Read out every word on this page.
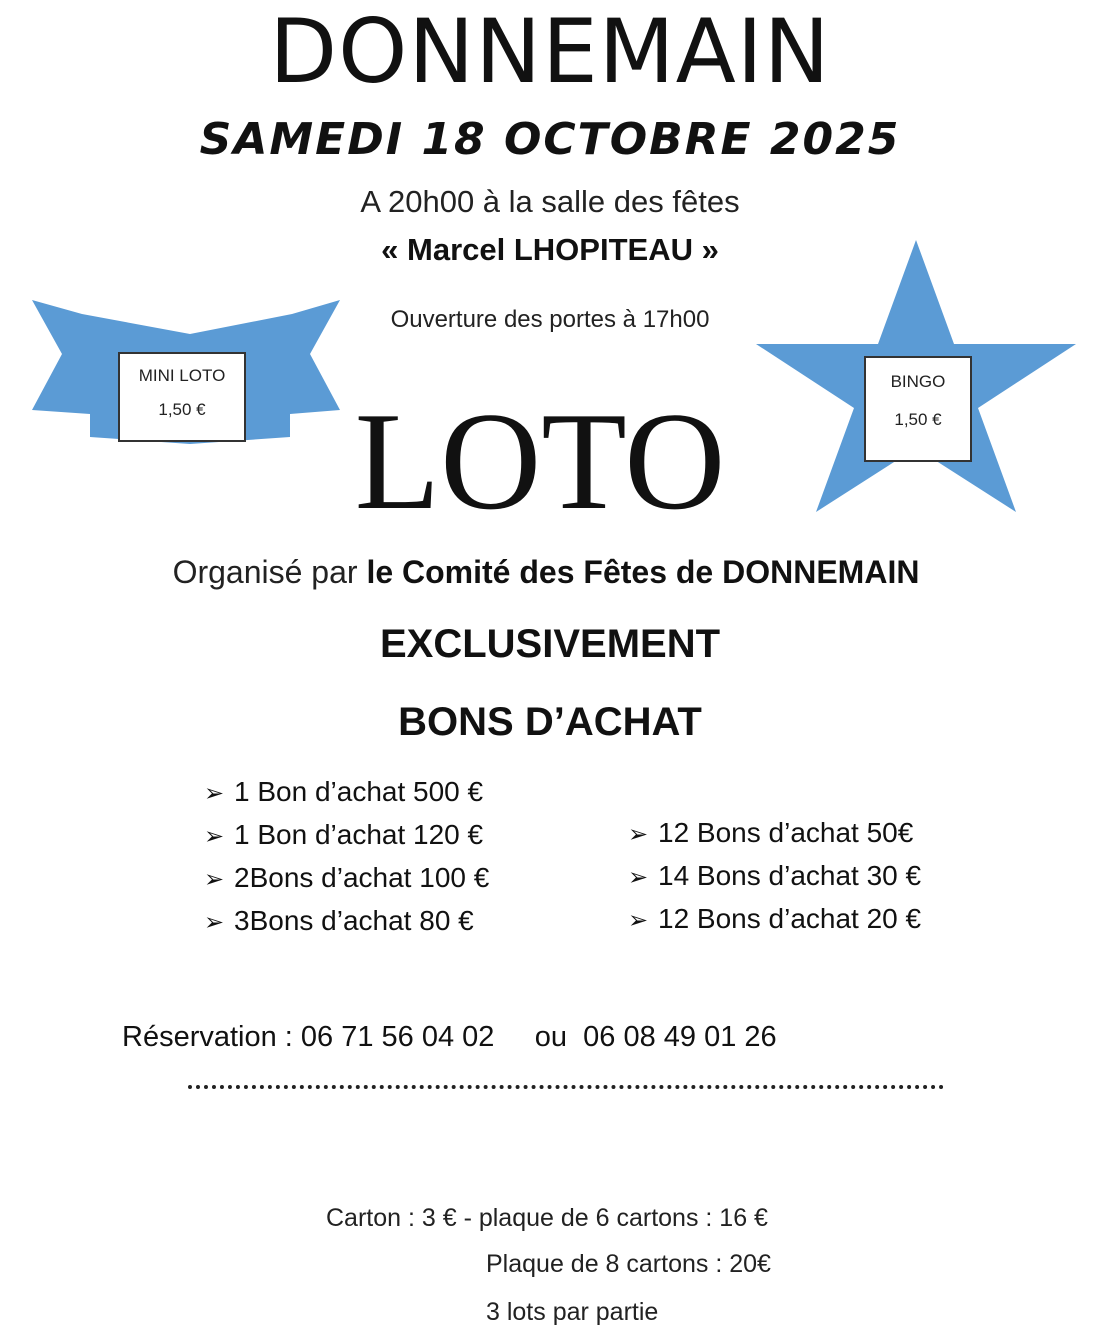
MINI LOTO
1,50 €
BINGO
1,50 €
DONNEMAIN
SAMEDI 18 OCTOBRE 2025
A 20h00 à la salle des fêtes
« Marcel LHOPITEAU »
Ouverture des portes à 17h00
LOTO
Organisé par le Comité des Fêtes de DONNEMAIN
EXCLUSIVEMENT
BONS D’ACHAT
➢ 1 Bon d’achat 500 €
➢ 1 Bon d’achat 120 €
➢ 2Bons d’achat 100 €
➢ 3Bons d’achat 80 €
➢ 12 Bons d’achat 50€
➢ 14 Bons d’achat 30 €
➢ 12 Bons d’achat 20 €
Réservation : 06 71 56 04 02 ou 06 08 49 01 26
Carton : 3 € - plaque de 6 cartons : 16 €
Plaque de 8 cartons : 20€
3 lots par partie
